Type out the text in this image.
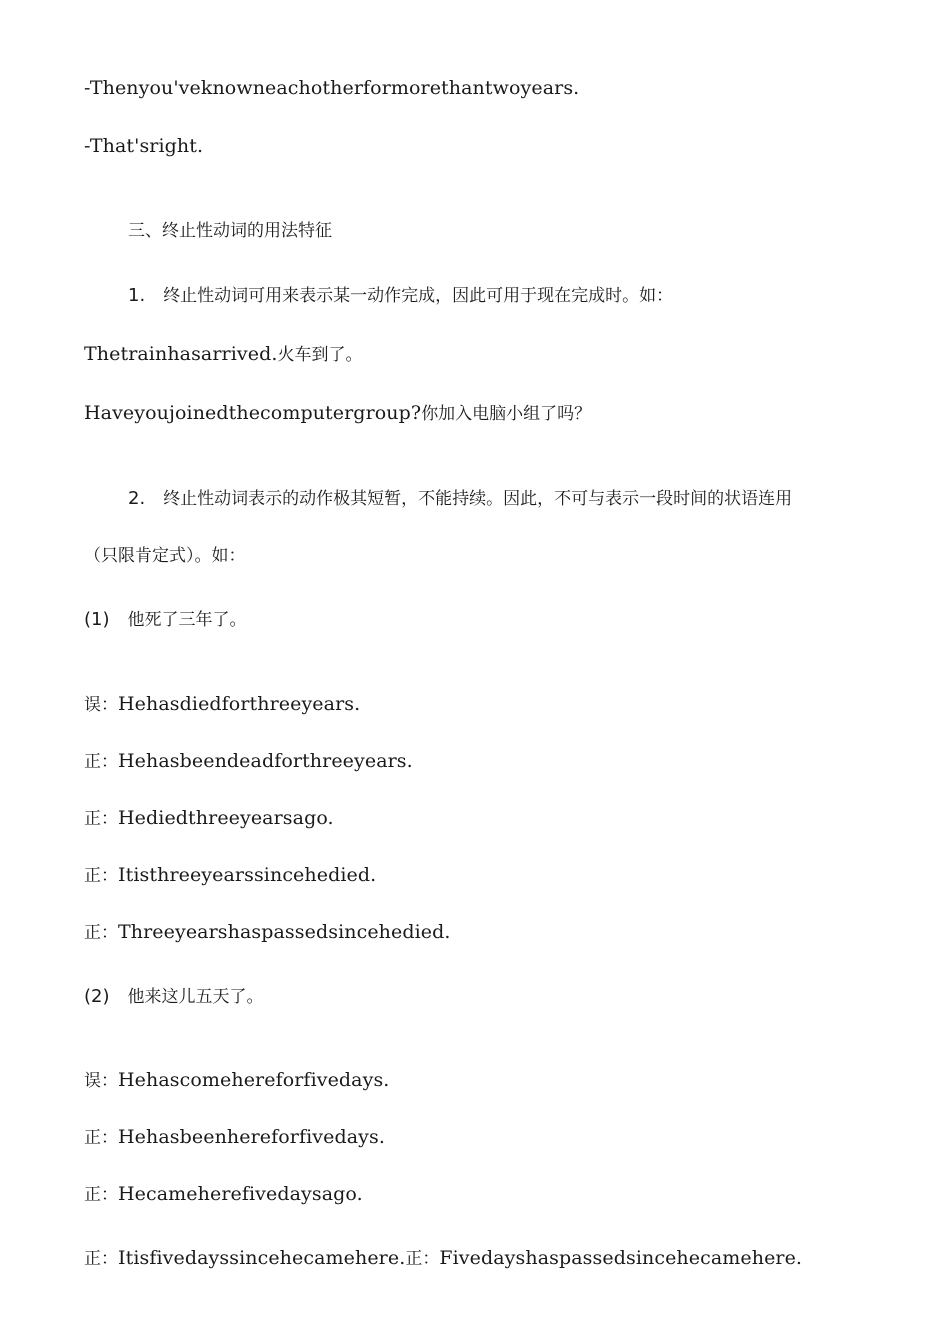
-Thenyou'veknowneachotherformorethantwoyears.
-That'sright.
三、终止性动词的用法特征
1. 终止性动词可用来表示某一动作完成，因此可用于现在完成时。如：
Thetrainhasarrived.火车到了。
Haveyoujoinedthecomputergroup?你加入电脑小组了吗？
2. 终止性动词表示的动作极其短暂，不能持续。因此，不可与表示一段时间的状语连用
（只限肯定式）。如：
(1) 他死了三年了。
误：Hehasdiedforthreeyears.
正：Hehasbeendeadforthreeyears.
正：Hediedthreeyearsago.
正：Itisthreeyearssincehedied.
正：Threeyearshaspassedsincehedied.
(2) 他来这儿五天了。
误：Hehascomehereforfivedays.
正：Hehasbeenhereforfivedays.
正：Hecameherefivedaysago.
正：Itisfivedayssincehecamehere.正：Fivedayshaspassedsincehecamehere.
